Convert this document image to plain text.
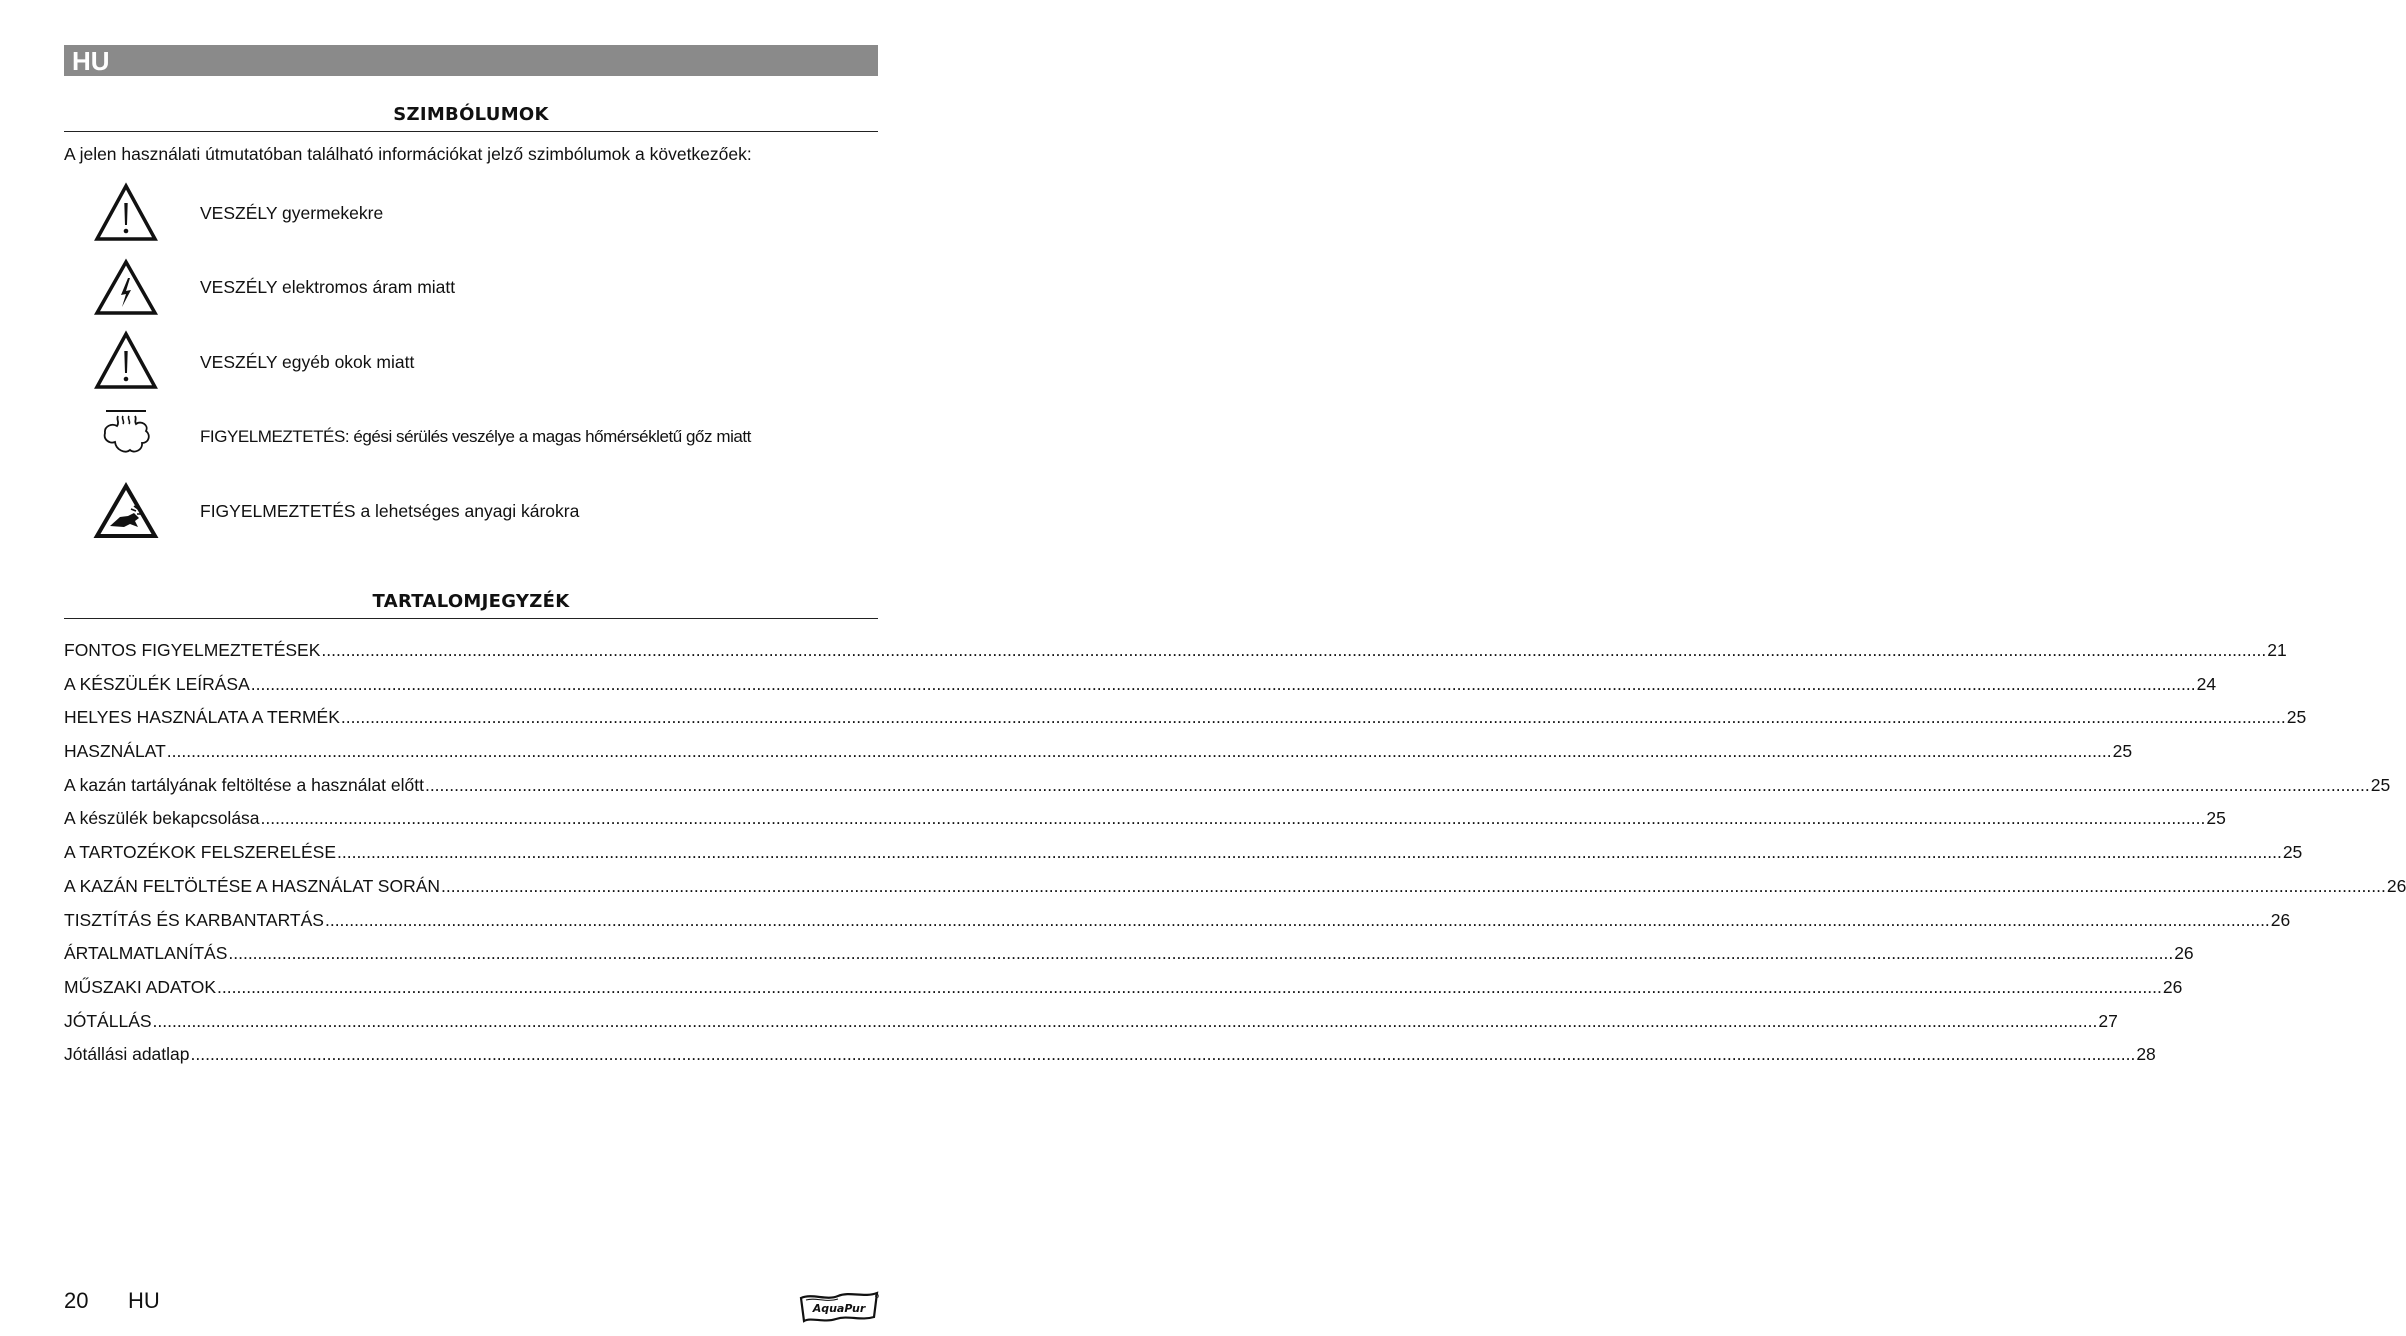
HU
SZIMBÓLUMOK
A jelen használati útmutatóban található információkat jelző szimbólumok a következőek:
VESZÉLY gyermekekre
VESZÉLY elektromos áram miatt
VESZÉLY egyéb okok miatt
FIGYELMEZTETÉS: égési sérülés veszélye a magas hőmérsékletű gőz miatt
FIGYELMEZTETÉS a lehetséges anyagi károkra
TARTALOMJEGYZÉK
FONTOS FIGYELMEZTETÉSEK ................................................................................................................................................................................................................................................................................................................................................................................................................ 21
A KÉSZÜLÉK LEÍRÁSA ................................................................................................................................................................................................................................................................................................................................................................................................................ 24
HELYES HASZNÁLATA A TERMÉK ................................................................................................................................................................................................................................................................................................................................................................................................................ 25
HASZNÁLAT ................................................................................................................................................................................................................................................................................................................................................................................................................ 25
A kazán tartályának feltöltése a használat előtt ................................................................................................................................................................................................................................................................................................................................................................................................................ 25
A készülék bekapcsolása ................................................................................................................................................................................................................................................................................................................................................................................................................ 25
A TARTOZÉKOK FELSZERELÉSE ................................................................................................................................................................................................................................................................................................................................................................................................................ 25
A KAZÁN FELTÖLTÉSE A HASZNÁLAT SORÁN ................................................................................................................................................................................................................................................................................................................................................................................................................ 26
TISZTÍTÁS ÉS KARBANTARTÁS ................................................................................................................................................................................................................................................................................................................................................................................................................ 26
ÁRTALMATLANÍTÁS ................................................................................................................................................................................................................................................................................................................................................................................................................ 26
MŰSZAKI ADATOK ................................................................................................................................................................................................................................................................................................................................................................................................................ 26
JÓTÁLLÁS ................................................................................................................................................................................................................................................................................................................................................................................................................ 27
Jótállási adatlap ................................................................................................................................................................................................................................................................................................................................................................................................................ 28
20 HU	AquaPur
